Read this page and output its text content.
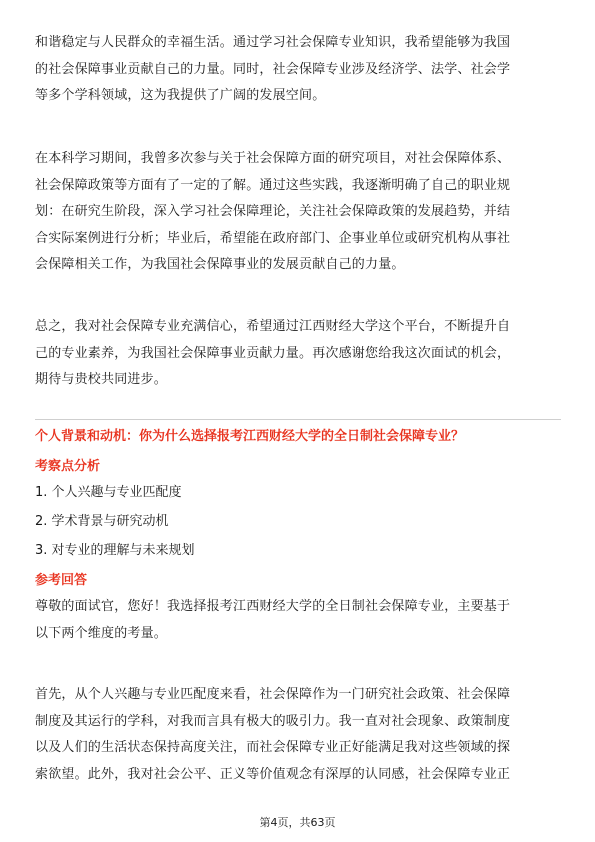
和谐稳定与人民群众的幸福生活。通过学习社会保障专业知识，我希望能够为我国
的社会保障事业贡献自己的力量。同时，社会保障专业涉及经济学、法学、社会学
等多个学科领域，这为我提供了广阔的发展空间。
在本科学习期间，我曾多次参与关于社会保障方面的研究项目，对社会保障体系、
社会保障政策等方面有了一定的了解。通过这些实践，我逐渐明确了自己的职业规
划：在研究生阶段，深入学习社会保障理论，关注社会保障政策的发展趋势，并结
合实际案例进行分析；毕业后，希望能在政府部门、企事业单位或研究机构从事社
会保障相关工作，为我国社会保障事业的发展贡献自己的力量。
总之，我对社会保障专业充满信心，希望通过江西财经大学这个平台，不断提升自
己的专业素养，为我国社会保障事业贡献力量。再次感谢您给我这次面试的机会，
期待与贵校共同进步。
个人背景和动机：你为什么选择报考江西财经大学的全日制社会保障专业？
考察点分析
1. 个人兴趣与专业匹配度
2. 学术背景与研究动机
3. 对专业的理解与未来规划
参考回答
尊敬的面试官，您好！我选择报考江西财经大学的全日制社会保障专业，主要基于
以下两个维度的考量。
首先，从个人兴趣与专业匹配度来看，社会保障作为一门研究社会政策、社会保障
制度及其运行的学科，对我而言具有极大的吸引力。我一直对社会现象、政策制度
以及人们的生活状态保持高度关注，而社会保障专业正好能满足我对这些领域的探
索欲望。此外，我对社会公平、正义等价值观念有深厚的认同感，社会保障专业正
第4页，共63页
